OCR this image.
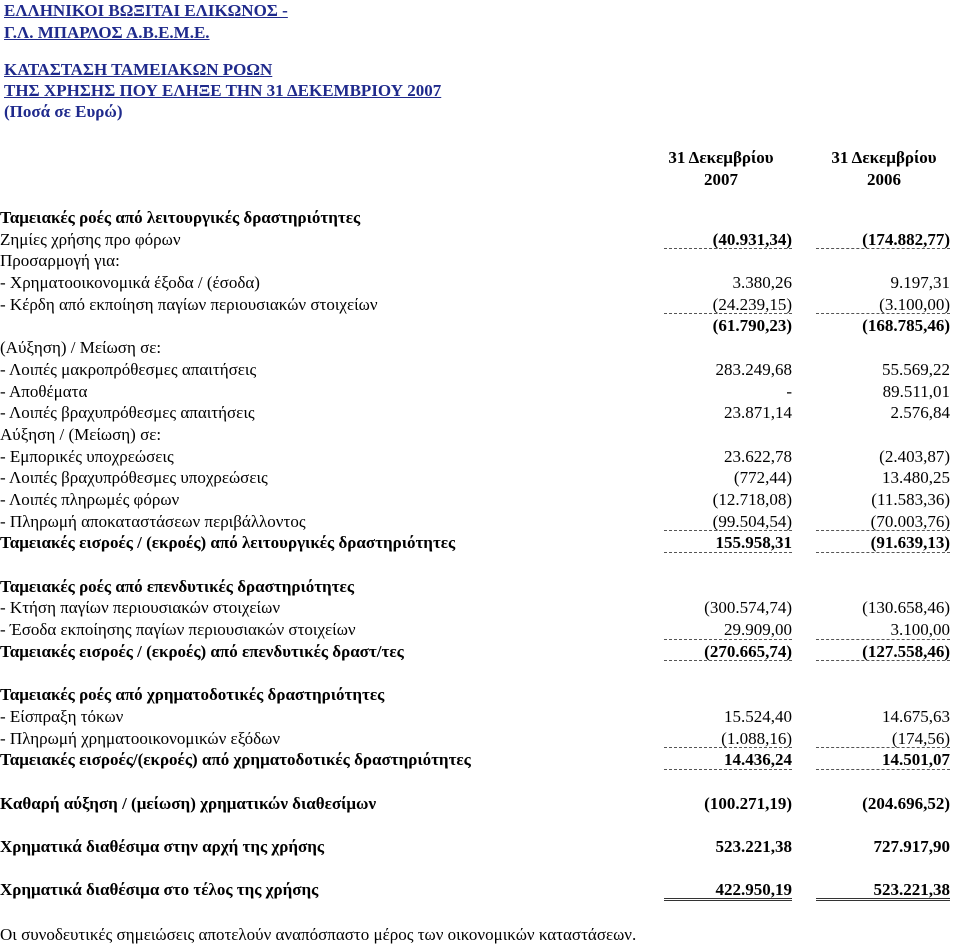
ΕΛΛΗΝΙΚΟΙ ΒΩΞΙΤΑΙ ΕΛΙΚΩΝΟΣ -
Γ.Λ. ΜΠΑΡΛΟΣ Α.Β.Ε.Μ.Ε.
ΚΑΤΑΣΤΑΣΗ ΤΑΜΕΙΑΚΩΝ ΡΟΩΝ
ΤΗΣ ΧΡΗΣΗΣ ΠΟΥ ΕΛΗΞΕ ΤΗΝ 31 ΔΕΚΕΜΒΡΙΟΥ 2007
(Ποσά σε Ευρώ)
31 Δεκεμβρίου
2007
31 Δεκεμβρίου
2006
Ταμειακές ροές από λειτουργικές δραστηριότητες
Ζημίες χρήσης προ φόρων	(40.931,34)	(174.882,77)
Προσαρμογή για:
- Χρηματοοικονομικά έξοδα / (έσοδα)	3.380,26	9.197,31
- Κέρδη από εκποίηση παγίων περιουσιακών στοιχείων	(24.239,15)	(3.100,00)
(61.790,23)	(168.785,46)
(Αύξηση) / Μείωση σε:
- Λοιπές μακροπρόθεσμες απαιτήσεις	283.249,68	55.569,22
- Αποθέματα	-	89.511,01
- Λοιπές βραχυπρόθεσμες απαιτήσεις	23.871,14	2.576,84
Αύξηση / (Μείωση) σε:
- Εμπορικές υποχρεώσεις	23.622,78	(2.403,87)
- Λοιπές βραχυπρόθεσμες υποχρεώσεις	(772,44)	13.480,25
- Λοιπές πληρωμές φόρων	(12.718,08)	(11.583,36)
- Πληρωμή αποκαταστάσεων περιβάλλοντος	(99.504,54)	(70.003,76)
Ταμειακές εισροές / (εκροές) από λειτουργικές δραστηριότητες	155.958,31	(91.639,13)
Ταμειακές ροές από επενδυτικές δραστηριότητες
- Κτήση παγίων περιουσιακών στοιχείων	(300.574,74)	(130.658,46)
- Έσοδα εκποίησης παγίων περιουσιακών στοιχείων	29.909,00	3.100,00
Ταμειακές εισροές / (εκροές) από επενδυτικές δραστ/τες	(270.665,74)	(127.558,46)
Ταμειακές ροές από χρηματοδοτικές δραστηριότητες
- Είσπραξη τόκων	15.524,40	14.675,63
- Πληρωμή χρηματοοικονομικών εξόδων	(1.088,16)	(174,56)
Ταμειακές εισροές/(εκροές) από χρηματοδοτικές δραστηριότητες	14.436,24	14.501,07
Καθαρή αύξηση / (μείωση) χρηματικών διαθεσίμων	(100.271,19)	(204.696,52)
Χρηματικά διαθέσιμα στην αρχή της χρήσης	523.221,38	727.917,90
Χρηματικά διαθέσιμα στο τέλος της χρήσης	422.950,19	523.221,38
Οι συνοδευτικές σημειώσεις αποτελούν αναπόσπαστο μέρος των οικονομικών καταστάσεων.
